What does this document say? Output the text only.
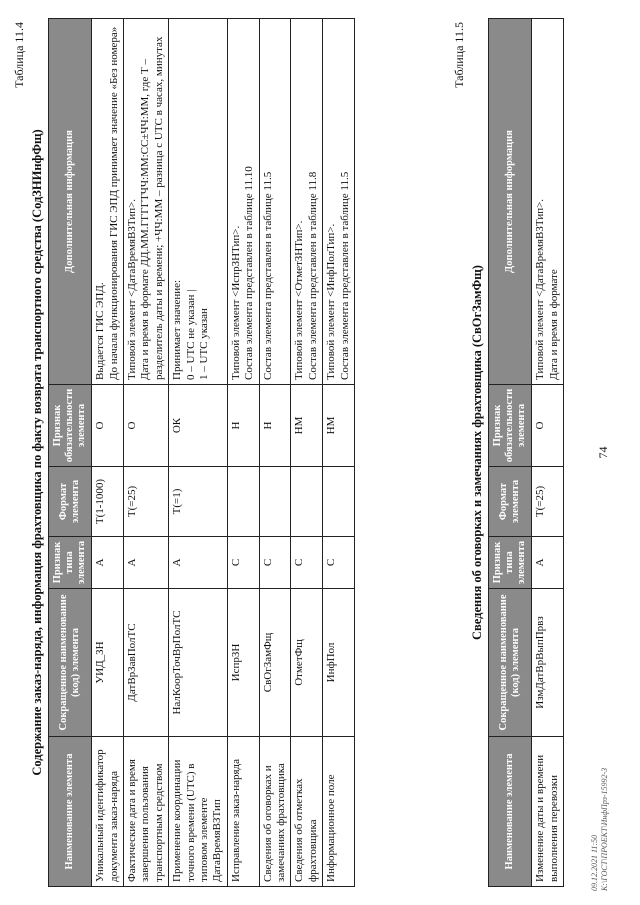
Таблица 11.4
Содержание заказ-наряда, информация фрахтовщика по факту возврата транспортного средства (СодЗНИнфФщ)
Наименование элемента	Сокращенное наименование (код) элемента	Признак типа элемента	Формат элемента	Признак обязательности элемента	Дополнительная информация
Уникальный идентификатор документа заказ-наряда	УИД_ЗН	А	Т(1-1000)	О	Выдается ГИС ЭПД. До начала функционирования ГИС ЭПД принимает значение «Без номера»

Фактические дата и время завершения пользования транспортным средством	ДатВрЗавПолТС	А	Т(=25)	О	Типовой элемент <ДатаВремяВЗТип>. Дата и время в формате ДД.ММ.ГГГГТЧЧ:ММ:СС±ЧЧ:ММ, где Т – разделитель даты и времени; +ЧЧ:ММ – разница с UTC в часах, минутах

Применение координации точного времени (UTC) в типовом элементе ДатаВремяВЗТип	НалКоорТочВрПолТС	А	Т(=1)	ОК	Принимает значение: 0 – UTC не указан | 1 – UTC указан

Исправление заказ-наряда	ИспрЗН	С		Н	Типовой элемент <ИспрЗНТип>. Состав элемента представлен в таблице 11.10

Сведения об оговорках и замечаниях фрахтовщика	СвОгЗамФщ	С		Н	Состав элемента представлен в таблице 11.5

Сведения об отметках фрахтовщика	ОтметФщ	С		НМ	Типовой элемент <ОтметЗНТип>. Состав элемента представлен в таблице 11.8

Информационное поле	ИнфПол	С		НМ	Типовой элемент <ИнфПолТип>. Состав элемента представлен в таблице 11.5
Таблица 11.5
Сведения об оговорках и замечаниях фрахтовщика (СвОгЗамФщ)
Наименование элемента	Сокращенное наименование (код) элемента	Признак типа элемента	Формат элемента	Признак обязательности элемента	Дополнительная информация
Изменение даты и времени выполнения перевозки	ИзмДатВрВыпПрвз	А	Т(=25)	О	Типовой элемент <ДатаВремяВЗТип>. Дата и время в формате
74
09.12.2021 11:50 К:\ГОСТ\ПРОЕКТ\ИнфПрз-15992-3
